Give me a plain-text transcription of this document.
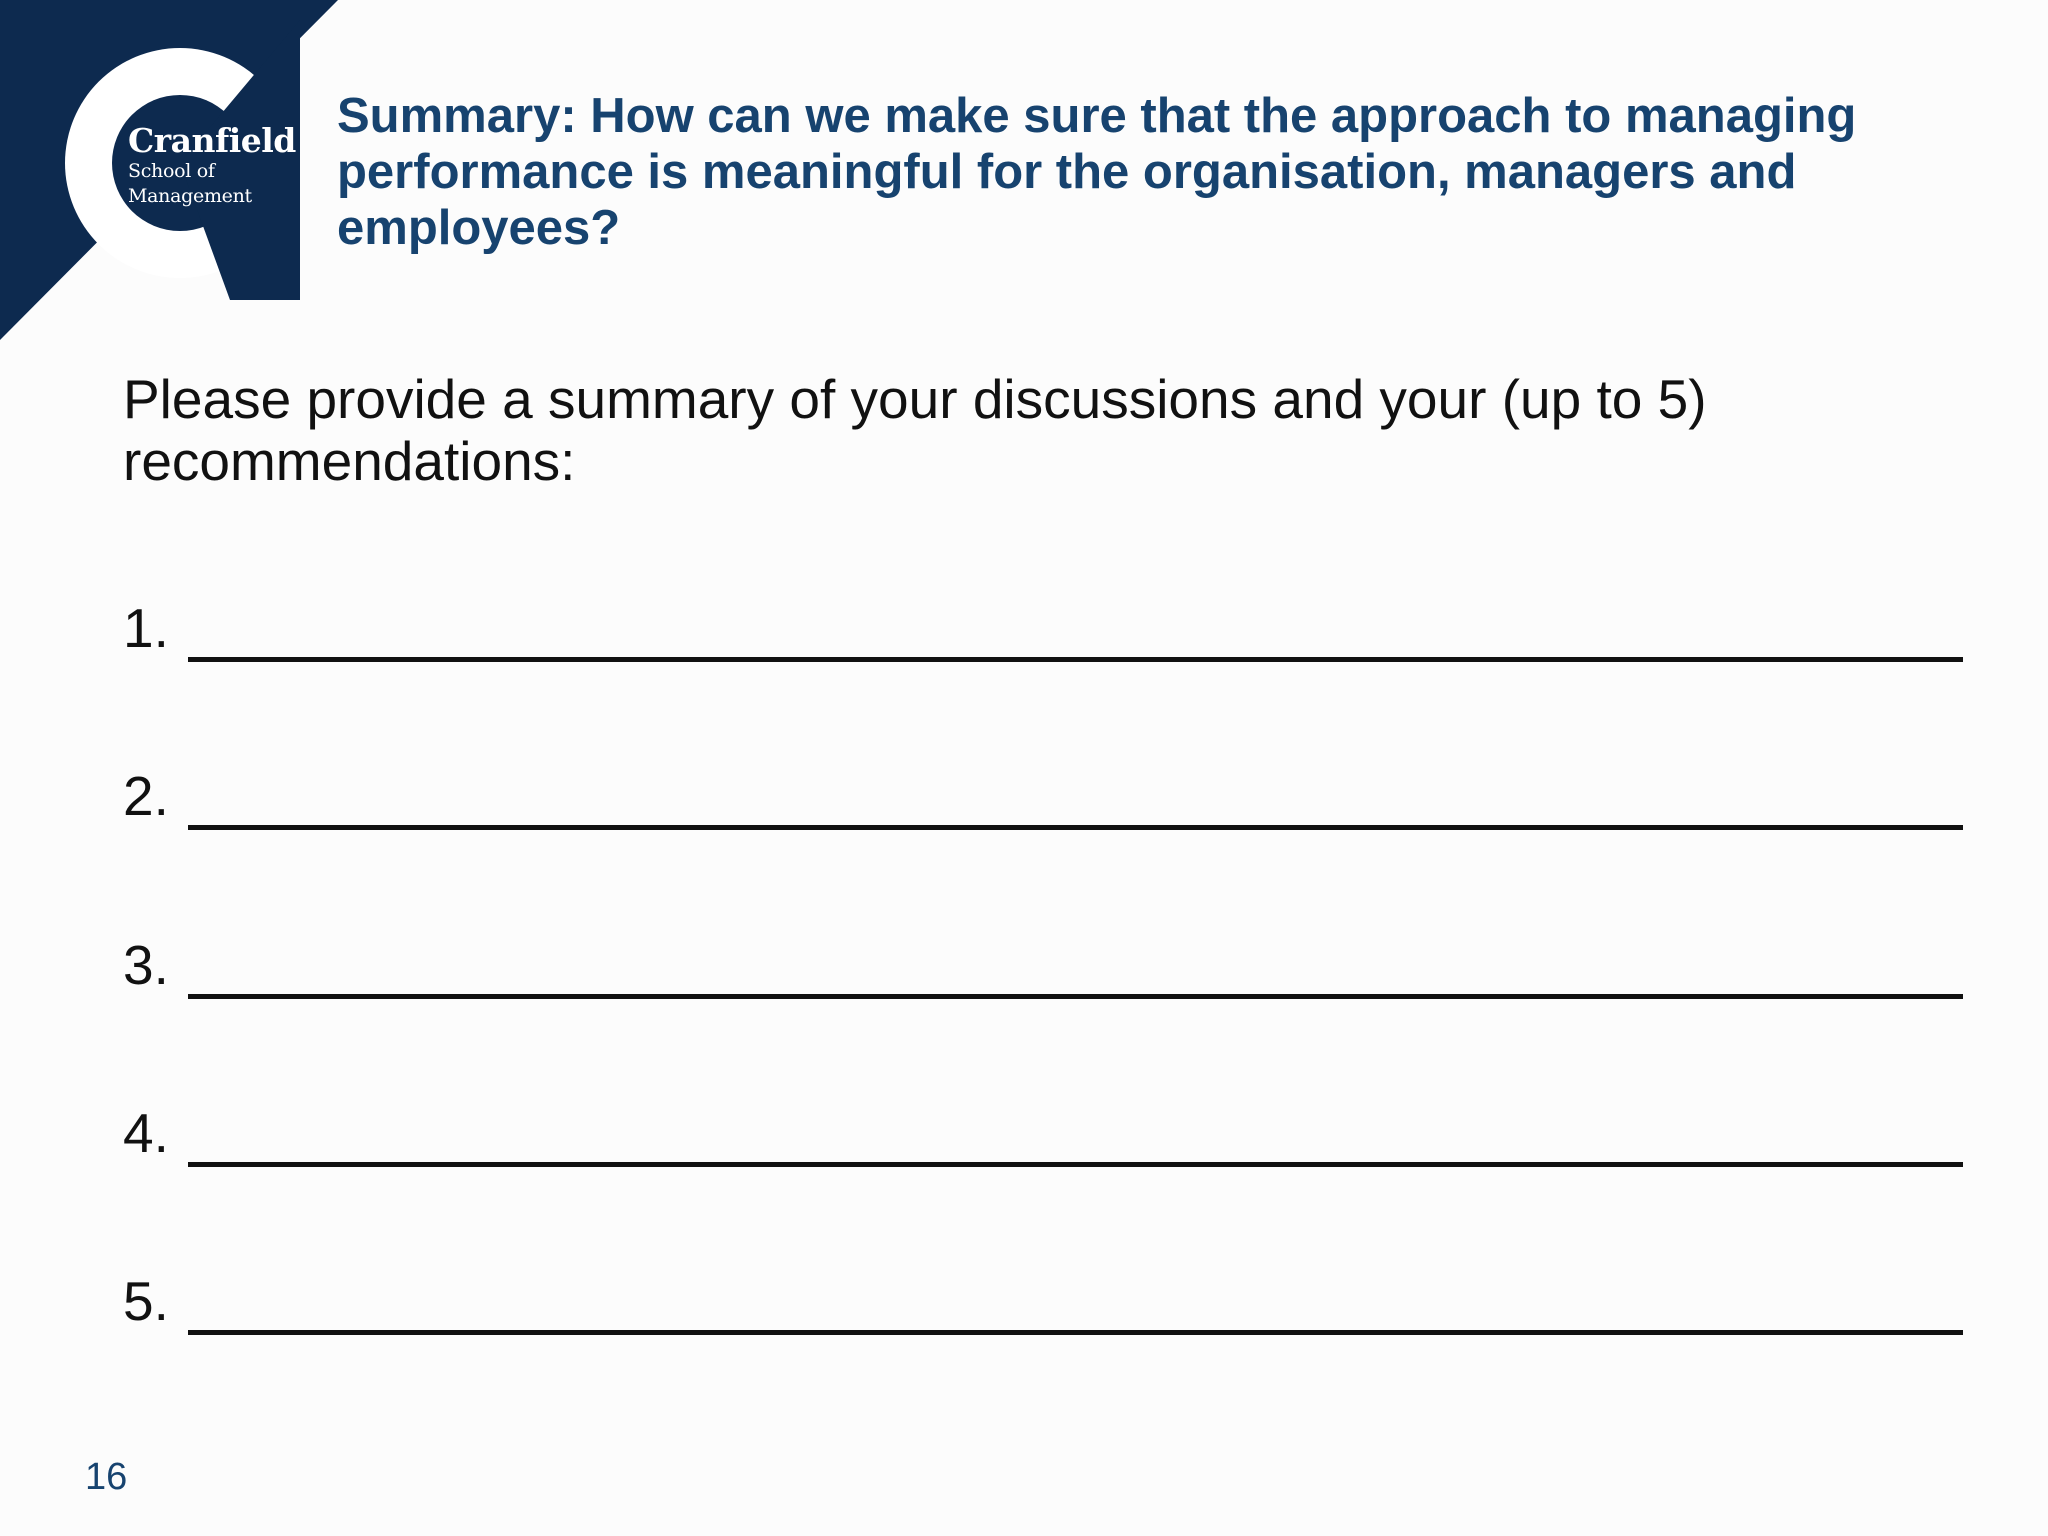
Cranfield
School of
Management
Summary: How can we make sure that the approach to managing performance is meaningful for the organisation, managers and employees?

Please provide a summary of your discussions and your (up to 5) recommendations:

1.
2.
3.
4.
5.
16
